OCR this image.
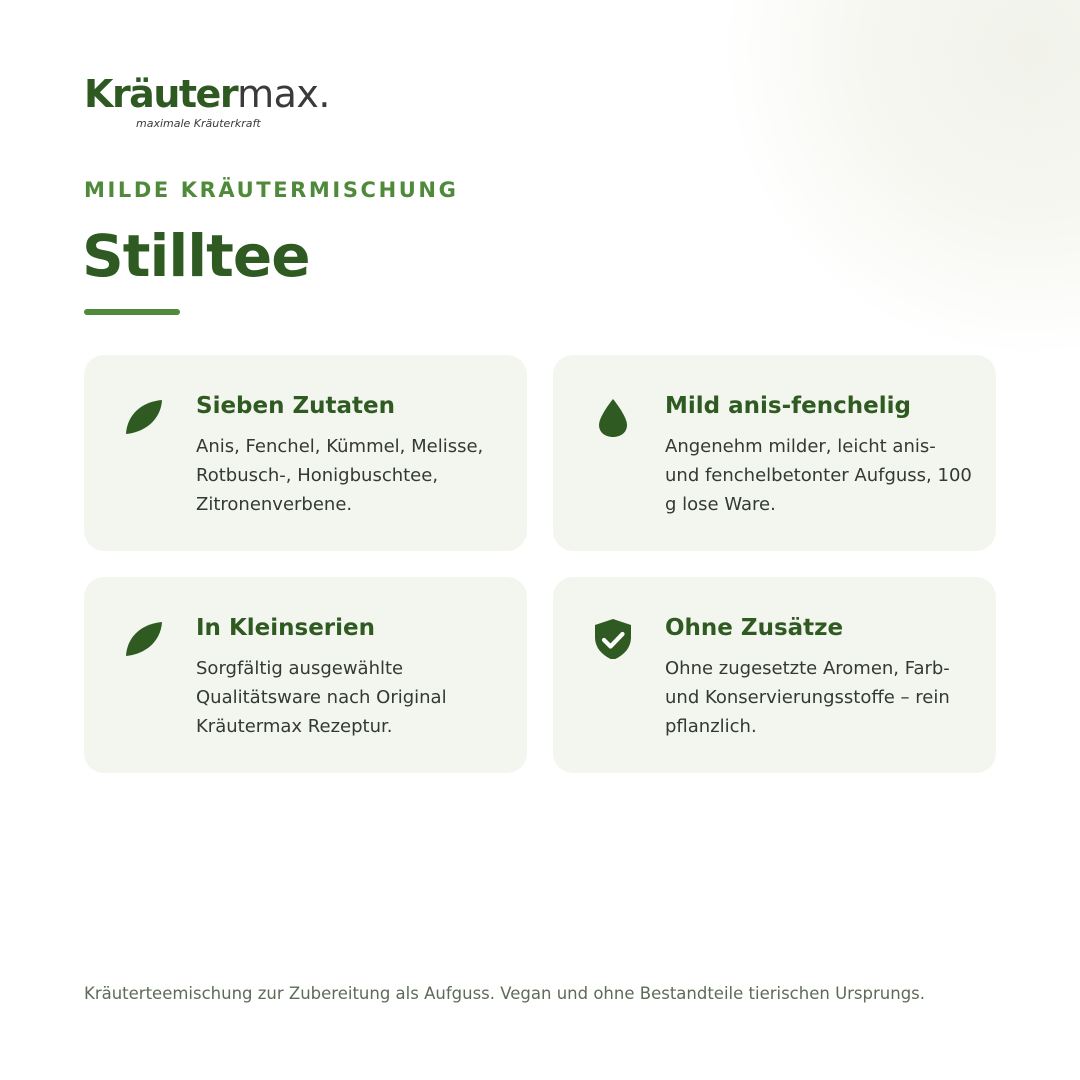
Kräutermax.
maximale Kräuterkraft
MILDE KRÄUTERMISCHUNG
Stilltee
Sieben Zutaten
Anis, Fenchel, Kümmel, Melisse, Rotbusch-, Honigbuschtee, Zitronenverbene.
Mild anis-fenchelig
Angenehm milder, leicht anis- und fenchelbetonter Aufguss, 100 g lose Ware.
In Kleinserien
Sorgfältig ausgewählte Qualitätsware nach Original Kräutermax Rezeptur.
Ohne Zusätze
Ohne zugesetzte Aromen, Farb- und Konservierungsstoffe – rein pflanzlich.
Kräuterteemischung zur Zubereitung als Aufguss. Vegan und ohne Bestandteile tierischen Ursprungs.
